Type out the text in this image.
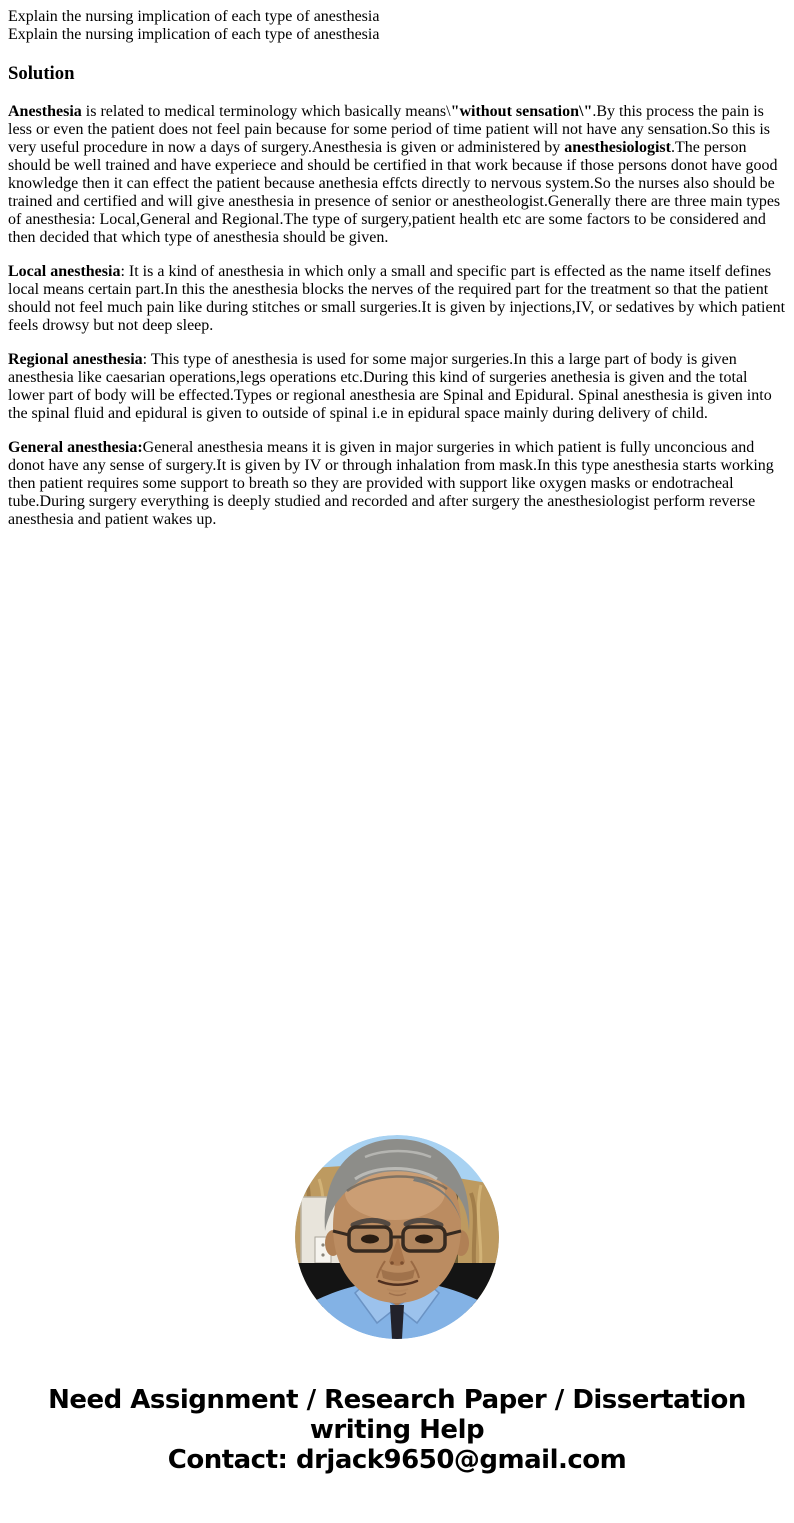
Explain the nursing implication of each type of anesthesia
Explain the nursing implication of each type of anesthesia
Solution

Anesthesia is related to medical terminology which basically means\"without sensation\".By this process the pain is less or even the patient does not feel pain because for some period of time patient will not have any sensation.So this is very useful procedure in now a days of surgery.Anesthesia is given or administered by anesthesiologist.The person should be well trained and have experiece and should be certified in that work because if those persons donot have good knowledge then it can effect the patient because anethesia effcts directly to nervous system.So the nurses also should be trained and certified and will give anesthesia in presence of senior or anestheologist.Generally there are three main types of anesthesia: Local,General and Regional.The type of surgery,patient health etc are some factors to be considered and then decided that which type of anesthesia should be given.

Local anesthesia: It is a kind of anesthesia in which only a small and specific part is effected as the name itself defines local means certain part.In this the anesthesia blocks the nerves of the required part for the treatment so that the patient should not feel much pain like during stitches or small surgeries.It is given by injections,IV, or sedatives by which patient feels drowsy but not deep sleep.

Regional anesthesia: This type of anesthesia is used for some major surgeries.In this a large part of body is given anesthesia like caesarian operations,legs operations etc.During this kind of surgeries anethesia is given and the total lower part of body will be effected.Types or regional anesthesia are Spinal and Epidural. Spinal anesthesia is given into the spinal fluid and epidural is given to outside of spinal i.e in epidural space mainly during delivery of child.

General anesthesia:General anesthesia means it is given in major surgeries in which patient is fully unconcious and donot have any sense of surgery.It is given by IV or through inhalation from mask.In this type anesthesia starts working then patient requires some support to breath so they are provided with support like oxygen masks or endotracheal tube.During surgery everything is deeply studied and recorded and after surgery the anesthesiologist perform reverse anesthesia and patient wakes up.

Need Assignment / Research Paper / Dissertation
writing Help
Contact: drjack9650@gmail.com
